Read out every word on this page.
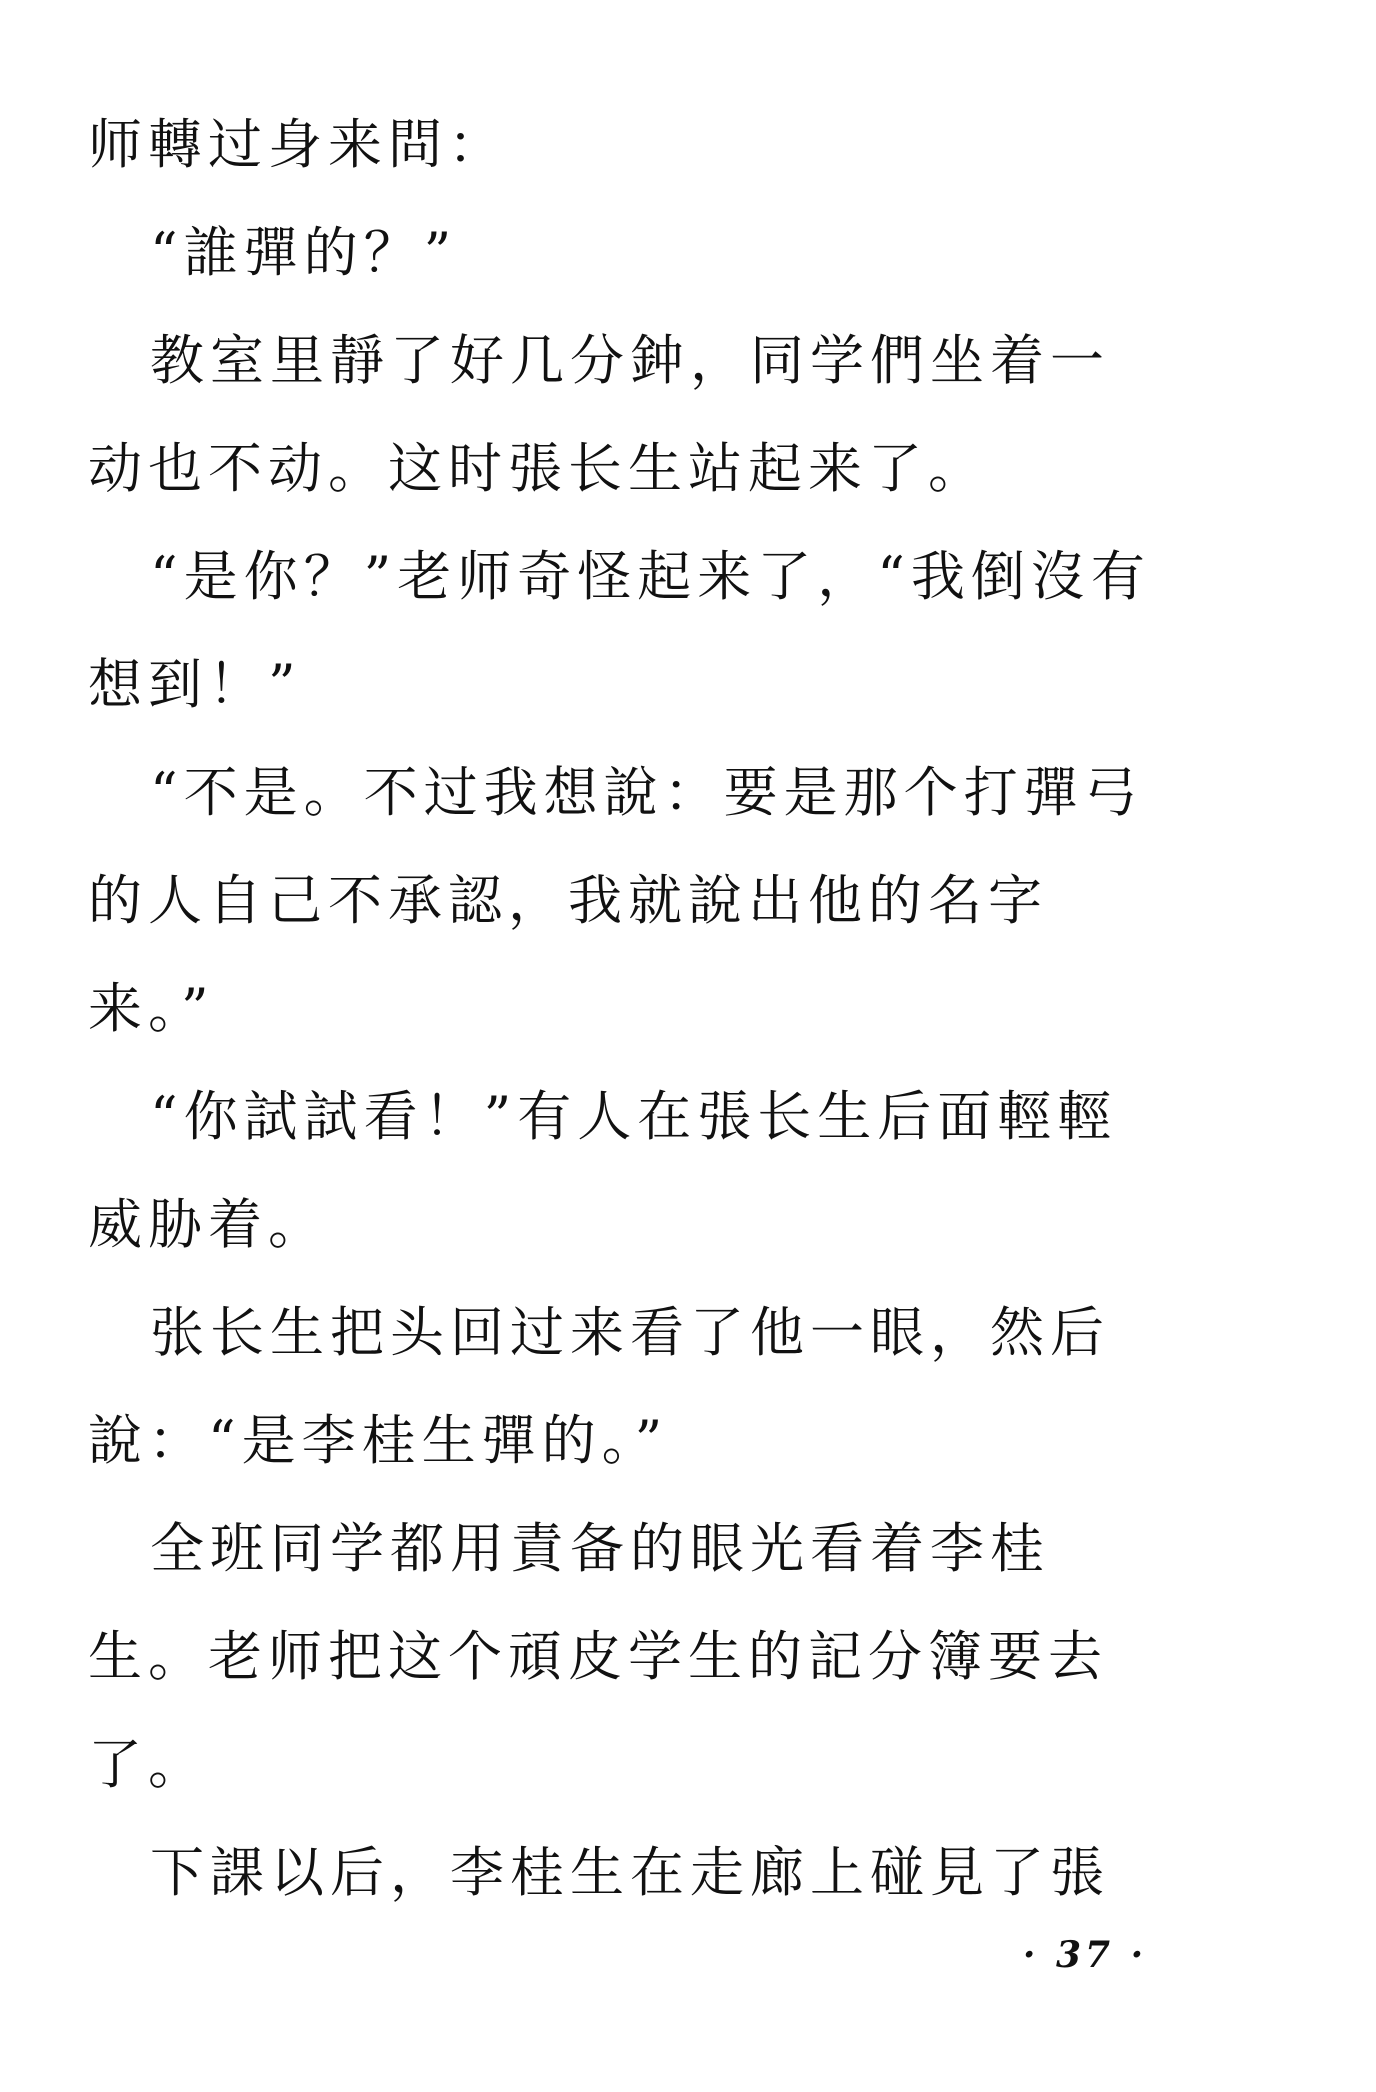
师轉过身来問：
“誰彈的？”
教室里靜了好几分鈡，同学們坐着一
动也不动。这时張长生站起来了。
“是你？”老师奇怪起来了，“我倒沒有
想到！”
“不是。不过我想說：要是那个打彈弓
的人自己不承認，我就說出他的名字
来。”
“你試試看！”有人在張长生后面輕輕
威胁着。
张长生把头回过来看了他一眼，然后
說：“是李桂生彈的。”
全班同学都用責备的眼光看着李桂
生。老师把这个頑皮学生的記分簿要去
了。
下課以后，李桂生在走廊上碰見了張
· 37 ·
